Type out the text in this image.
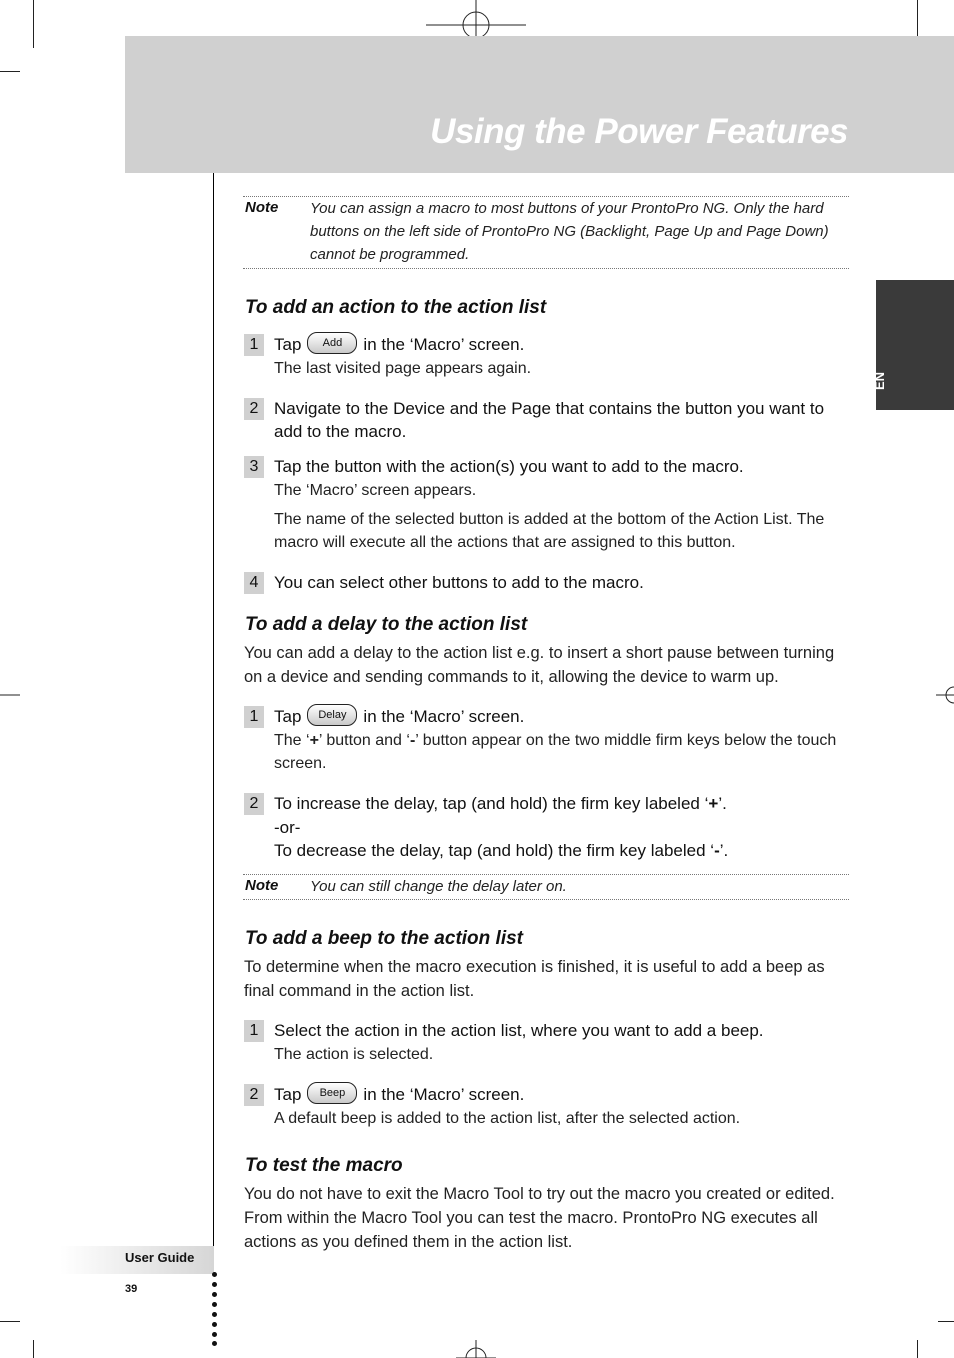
Using the Power Features
EN
Note You can assign a macro to most buttons of your ProntoPro NG. Only the hard buttons on the left side of ProntoPro NG (Backlight, Page Up and Page Down) cannot be programmed.
To add an action to the action list
1 Tap Add in the ‘Macro’ screen.
The last visited page appears again.
2 Navigate to the Device and the Page that contains the button you want to add to the macro.
3 Tap the button with the action(s) you want to add to the macro.
The ‘Macro’ screen appears.
The name of the selected button is added at the bottom of the Action List. The macro will execute all the actions that are assigned to this button.
4 You can select other buttons to add to the macro.
To add a delay to the action list
You can add a delay to the action list e.g. to insert a short pause between turning on a device and sending commands to it, allowing the device to warm up.
1 Tap Delay in the ‘Macro’ screen.
The ‘+’ button and ‘-’ button appear on the two middle firm keys below the touch screen.
2 To increase the delay, tap (and hold) the firm key labeled ‘+’.
-or-
To decrease the delay, tap (and hold) the firm key labeled ‘-’.
Note You can still change the delay later on.
To add a beep to the action list
To determine when the macro execution is finished, it is useful to add a beep as final command in the action list.
1 Select the action in the action list, where you want to add a beep.
The action is selected.
2 Tap Beep in the ‘Macro’ screen.
A default beep is added to the action list, after the selected action.
To test the macro
You do not have to exit the Macro Tool to try out the macro you created or edited. From within the Macro Tool you can test the macro. ProntoPro NG executes all actions as you defined them in the action list.
User Guide
39
